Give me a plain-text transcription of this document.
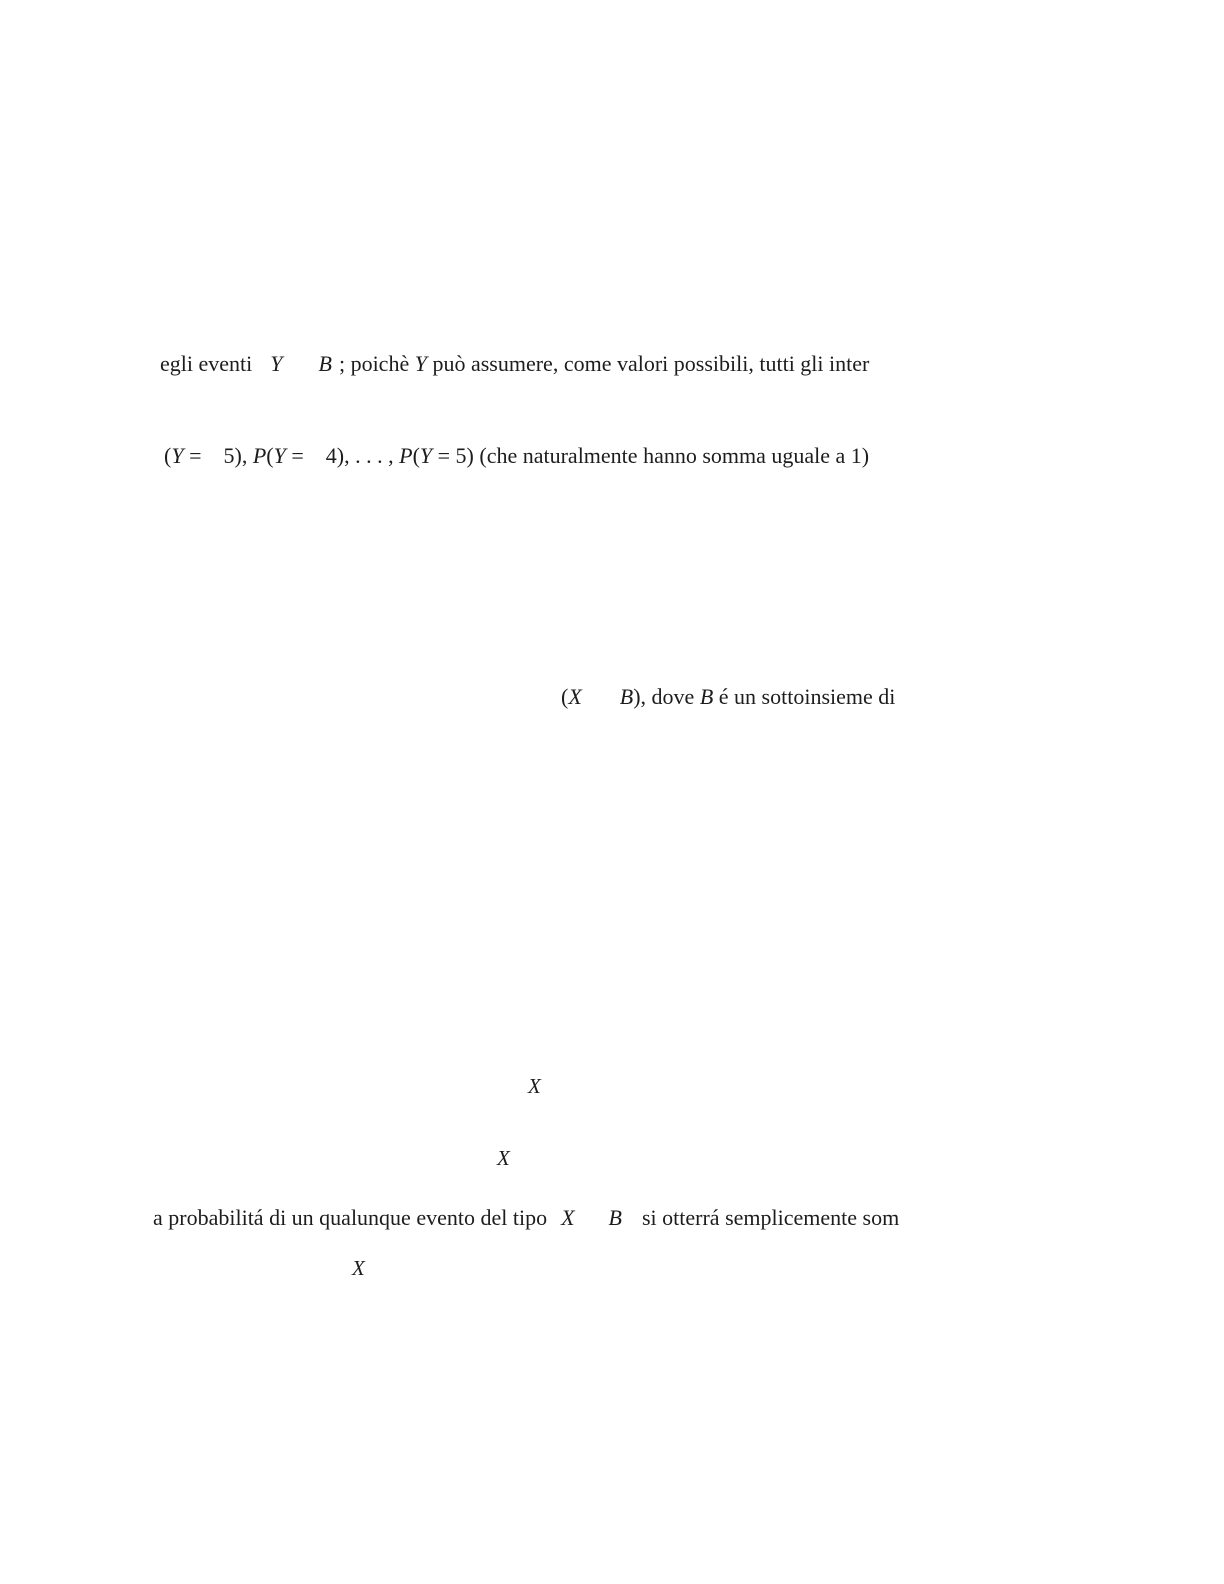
egli eventi Y B ; poichè Y può assumere, come valori possibili, tutti gli inter
(Y = 5), P(Y = 4), . . . , P(Y = 5) (che naturalmente hanno somma uguale a 1)
(X B), dove B é un sottoinsieme di
X
X
a probabilitá di un qualunque evento del tipo X B si otterrá semplicemente som
X
